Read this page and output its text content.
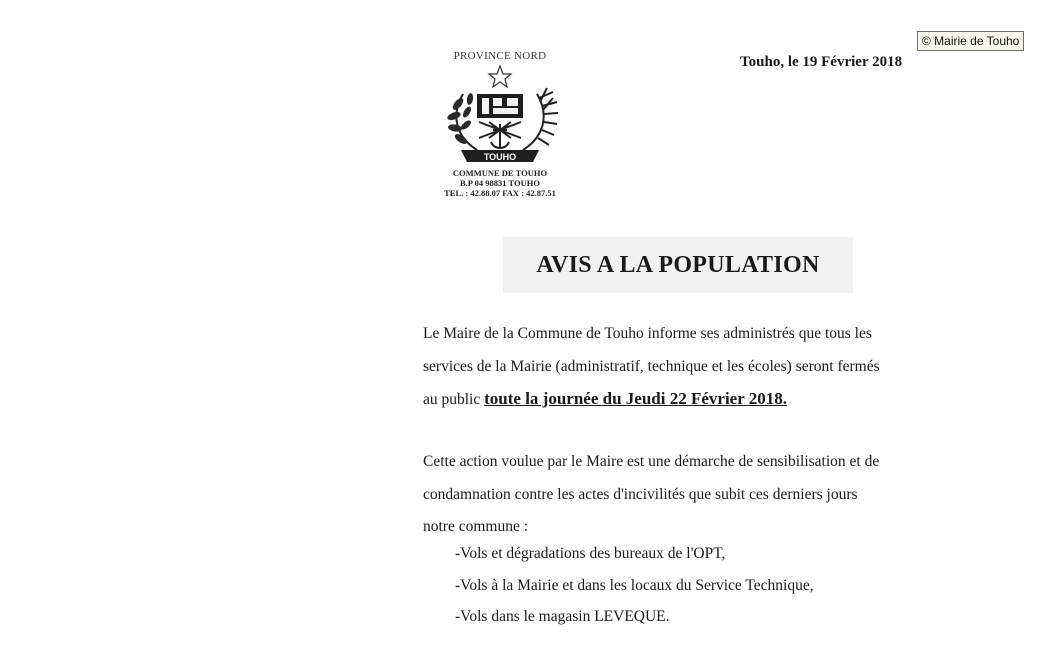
© Mairie de Touho
PROVINCE NORD
TOUHO
COMMUNE DE TOUHO
B.P 04 98831 TOUHO
TEL. : 42.88.07 FAX : 42.87.51
Touho, le 19 Février 2018
AVIS A LA POPULATION
Le Maire de la Commune de Touho informe ses administrés que tous les
services de la Mairie (administratif, technique et les écoles) seront fermés
au public toute la journée du Jeudi 22 Février 2018.
Cette action voulue par le Maire est une démarche de sensibilisation et de
condamnation contre les actes d'incivilités que subit ces derniers jours
notre commune :
-Vols et dégradations des bureaux de l'OPT,
-Vols à la Mairie et dans les locaux du Service Technique,
-Vols dans le magasin LEVEQUE.
